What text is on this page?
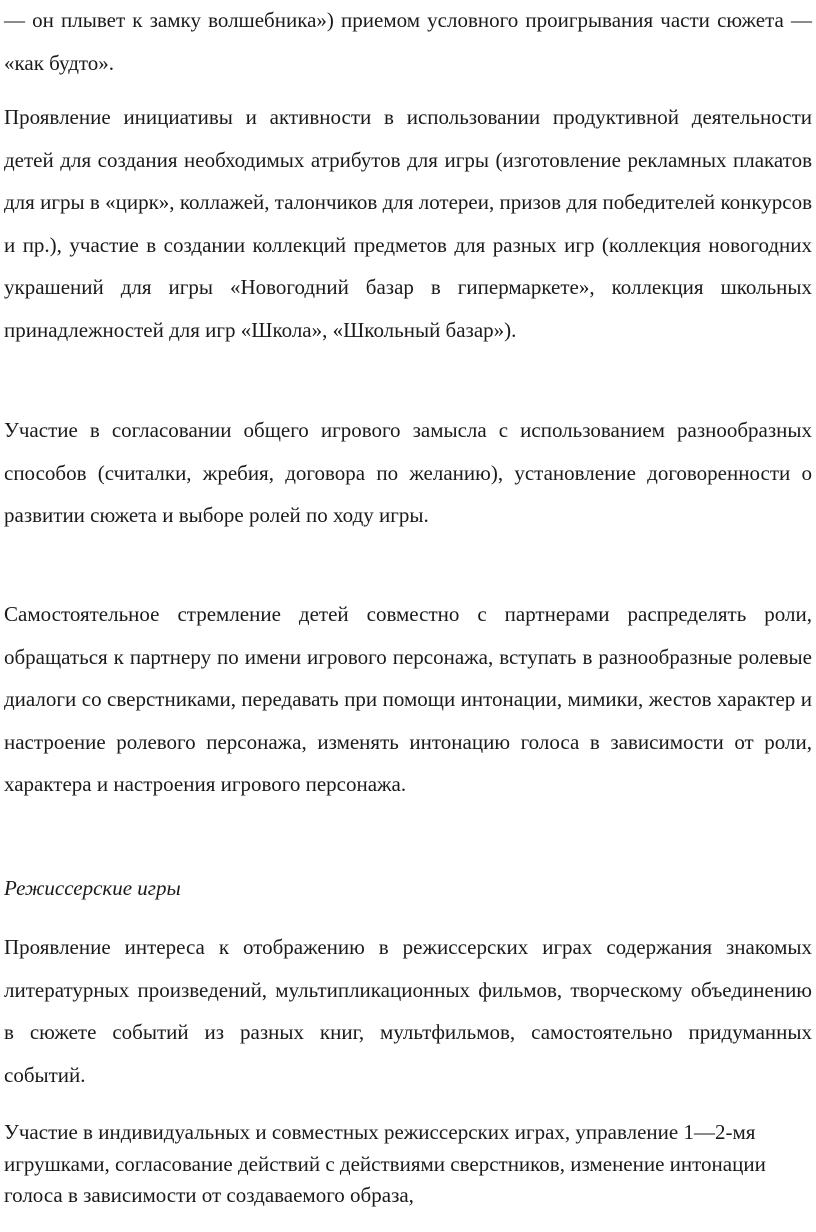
— он плывет к замку волшебника») приемом условного проигрывания части сюжета — «как будто».

Проявление инициативы и активности в использовании продуктивной деятельности детей для создания необходимых атрибутов для игры (изготовление рекламных плакатов для игры в «цирк», коллажей, талончиков для лотереи, призов для победителей конкурсов и пр.), участие в создании коллекций предметов для разных игр (коллекция новогодних украшений для игры «Новогодний базар в гипермаркете», коллекция школьных принадлежностей для игр «Школа», «Школьный базар»).

Участие в согласовании общего игрового замысла с использованием разнообразных способов (считалки, жребия, договора по желанию), установление договоренности о развитии сюжета и выборе ролей по ходу игры.

Самостоятельное стремление детей совместно с партнерами распределять роли, обращаться к партнеру по имени игрового персонажа, вступать в разнообразные ролевые диалоги со сверстниками, передавать при помощи интонации, мимики, жестов характер и настроение ролевого персонажа, изменять интонацию голоса в зависимости от роли, характера и настроения игрового персонажа.

Режиссерские игры

Проявление интереса к отображению в режиссерских играх содержания знакомых литературных произведений, мультипликационных фильмов, творческому объединению в сюжете событий из разных книг, мультфильмов, самостоятельно придуманных событий.

Участие в индивидуальных и совместных режиссерских играх, управление 1—2-мя игрушками, согласование действий с действиями сверстников, изменение интонации голоса в зависимости от создаваемого образа,
